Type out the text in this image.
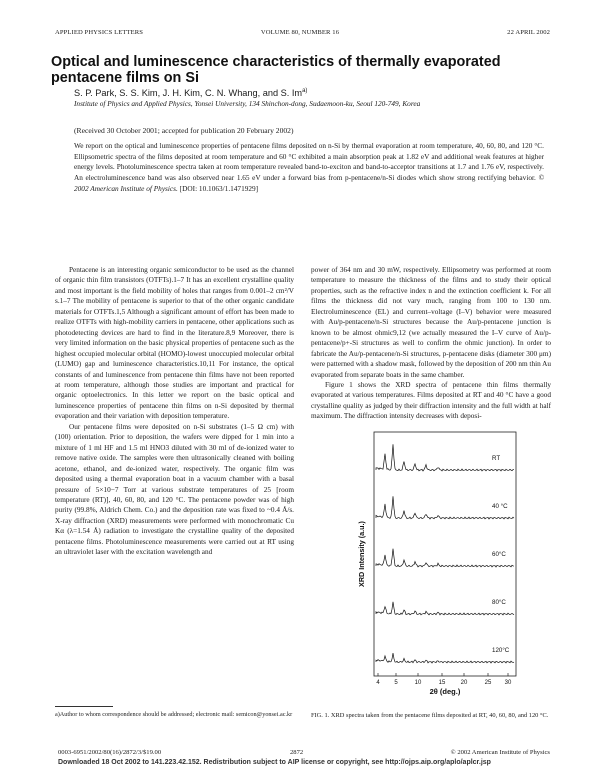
APPLIED PHYSICS LETTERS	VOLUME 80, NUMBER 16	22 APRIL 2002
Optical and luminescence characteristics of thermally evaporated pentacene films on Si
S. P. Park, S. S. Kim, J. H. Kim, C. N. Whang, and S. Im$^{a)}$
Institute of Physics and Applied Physics, Yonsei University, 134 Shinchon-dong, Sudaemoon-ku, Seoul 120-749, Korea
(Received 30 October 2001; accepted for publication 20 February 2002)
We report on the optical and luminescence properties of pentacene films deposited on n-Si by thermal evaporation at room temperature, 40, 60, 80, and 120 °C. Ellipsometric spectra of the films deposited at room temperature and 60 °C exhibited a main absorption peak at 1.82 eV and additional weak features at higher energy levels. Photoluminescence spectra taken at room temperature revealed band-to-exciton and band-to-acceptor transitions at 1.7 and 1.76 eV, respectively. An electroluminescence band was also observed near 1.65 eV under a forward bias from p-pentacene/n-Si diodes which show strong rectifying behavior. © 2002 American Institute of Physics. [DOI: 10.1063/1.1471929]

Pentacene is an interesting organic semiconductor to be used as the channel of organic thin film transistors (OTFTs).1–7 It has an excellent crystalline quality and most important is the field mobility of holes that ranges from 0.001–2 cm²/V s.1–7 The mobility of pentacene is superior to that of the other organic candidate materials for OTFTs.1,5 Although a significant amount of effort has been made to realize OTFTs with high-mobility carriers in pentacene, other applications such as photodetecting devices are hard to find in the literature.8,9 Moreover, there is very limited information on the basic physical properties of pentacene such as the highest occupied molecular orbital (HOMO)-lowest unoccupied molecular orbital (LUMO) gap and luminescence characteristics.10,11 For instance, the optical constants of and luminescence from pentacene thin films have not been reported at room temperature, although those studies are important and practical for organic optoelectronics. In this letter we report on the basic optical and luminescence properties of pentacene thin films on n-Si deposited by thermal evaporation and their variation with deposition temperature.

Our pentacene films were deposited on n-Si substrates (1–5 Ω cm) with (100) orientation. Prior to deposition, the wafers were dipped for 1 min into a mixture of 1 ml HF and 1.5 ml HNO3 diluted with 30 ml of de-ionized water to remove native oxide. The samples were then ultrasonically cleaned with boiling acetone, ethanol, and de-ionized water, respectively. The organic film was deposited using a thermal evaporation boat in a vacuum chamber with a basal pressure of 5×10−7 Torr at various substrate temperatures of 25 [room temperature (RT)], 40, 60, 80, and 120 °C. The pentacene powder was of high purity (99.8%, Aldrich Chem. Co.) and the deposition rate was fixed to ~0.4 Å/s. X-ray diffraction (XRD) measurements were performed with monochromatic Cu Kα (λ=1.54 Å) radiation to investigate the crystalline quality of the deposited pentacene films. Photoluminescence measurements were carried out at RT using an ultraviolet laser with the excitation wavelength and

power of 364 nm and 30 mW, respectively. Ellipsometry was performed at room temperature to measure the thickness of the films and to study their optical properties, such as the refractive index n and the extinction coefficient k. For all films the thickness did not vary much, ranging from 100 to 130 nm. Electroluminescence (EL) and current–voltage (I–V) behavior were measured with Au/p-pentacene/n-Si structures because the Au/p-pentacene junction is known to be almost ohmic9,12 (we actually measured the I–V curve of Au/p-pentacene/p+-Si structures as well to confirm the ohmic junction). In order to fabricate the Au/p-pentacene/n-Si structures, p-pentacene disks (diameter 300 μm) were patterned with a shadow mask, followed by the deposition of 200 nm thin Au evaporated from separate boats in the same chamber.

Figure 1 shows the XRD spectra of pentacene thin films thermally evaporated at various temperatures. Films deposited at RT and 40 °C have a good crystalline quality as judged by their diffraction intensity and the full width at half maximum. The diffraction intensity decreases with deposi-

XRD Intensity (a.u.)
4 5	10	15	20	25 30
2θ (deg.)
RT
40 °C
60°C
80°C
120°C
a)Author to whom correspondence should be addressed; electronic mail: semicon@yonsei.ac.kr	FIG. 1. XRD spectra taken from the pentacene films deposited at RT, 40, 60, 80, and 120 °C.
0003-6951/2002/80(16)/2872/3/$19.00	2872	© 2002 American Institute of Physics
Downloaded 18 Oct 2002 to 141.223.42.152. Redistribution subject to AIP license or copyright, see http://ojps.aip.org/aplo/aplcr.jsp
